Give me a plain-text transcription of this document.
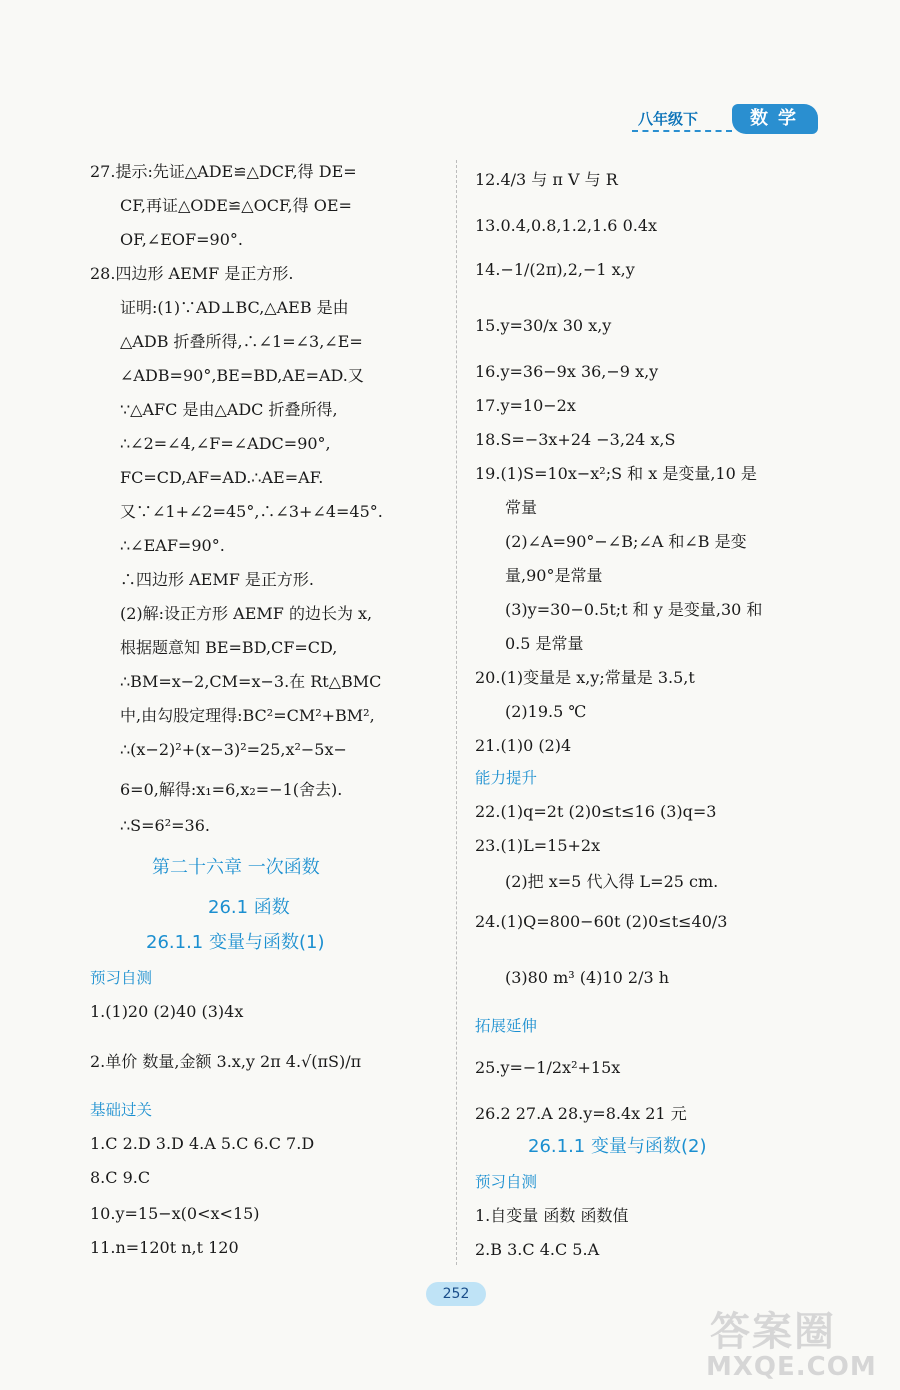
八年级下	数学
27.提示:先证△ADE≌△DCF,得 DE=
CF,再证△ODE≌△OCF,得 OE=
OF,∠EOF=90°.
28.四边形 AEMF 是正方形.
证明:(1)∵AD⊥BC,△AEB 是由
△ADB 折叠所得,∴∠1=∠3,∠E=
∠ADB=90°,BE=BD,AE=AD.又
∵△AFC 是由△ADC 折叠所得,
∴∠2=∠4,∠F=∠ADC=90°,
FC=CD,AF=AD.∴AE=AF.
又∵∠1+∠2=45°,∴∠3+∠4=45°.
∴∠EAF=90°.
∴四边形 AEMF 是正方形.
(2)解:设正方形 AEMF 的边长为 x,
根据题意知 BE=BD,CF=CD,
∴BM=x−2,CM=x−3.在 Rt△BMC
中,由勾股定理得:BC²=CM²+BM²,
∴(x−2)²+(x−3)²=25,x²−5x−
6=0,解得:x₁=6,x₂=−1(舍去).
∴S=6²=36.
第二十六章 一次函数
26.1 函数
26.1.1 变量与函数(1)
预习自测
1.(1)20 (2)40 (3)4x
2.单价 数量,金额 3.x,y 2π 4.√(πS)/π
基础过关
1.C 2.D 3.D 4.A 5.C 6.C 7.D
8.C 9.C
10.y=15−x(0<x<15)
11.n=120t n,t 120
12.4/3 与 π V 与 R
13.0.4,0.8,1.2,1.6 0.4x
14.−1/(2π),2,−1 x,y
15.y=30/x 30 x,y
16.y=36−9x 36,−9 x,y
17.y=10−2x
18.S=−3x+24 −3,24 x,S
19.(1)S=10x−x²;S 和 x 是变量,10 是
常量
(2)∠A=90°−∠B;∠A 和∠B 是变
量,90°是常量
(3)y=30−0.5t;t 和 y 是变量,30 和
0.5 是常量
20.(1)变量是 x,y;常量是 3.5,t
(2)19.5 ℃
21.(1)0 (2)4
能力提升
22.(1)q=2t (2)0≤t≤16 (3)q=3
23.(1)L=15+2x
(2)把 x=5 代入得 L=25 cm.
24.(1)Q=800−60t (2)0≤t≤40/3
(3)80 m³ (4)10 2/3 h
拓展延伸
25.y=−1/2x²+15x
26.2 27.A 28.y=8.4x 21 元
26.1.1 变量与函数(2)
预习自测
1.自变量 函数 函数值
2.B 3.C 4.C 5.A
252
答案圈
MXQE.COM
